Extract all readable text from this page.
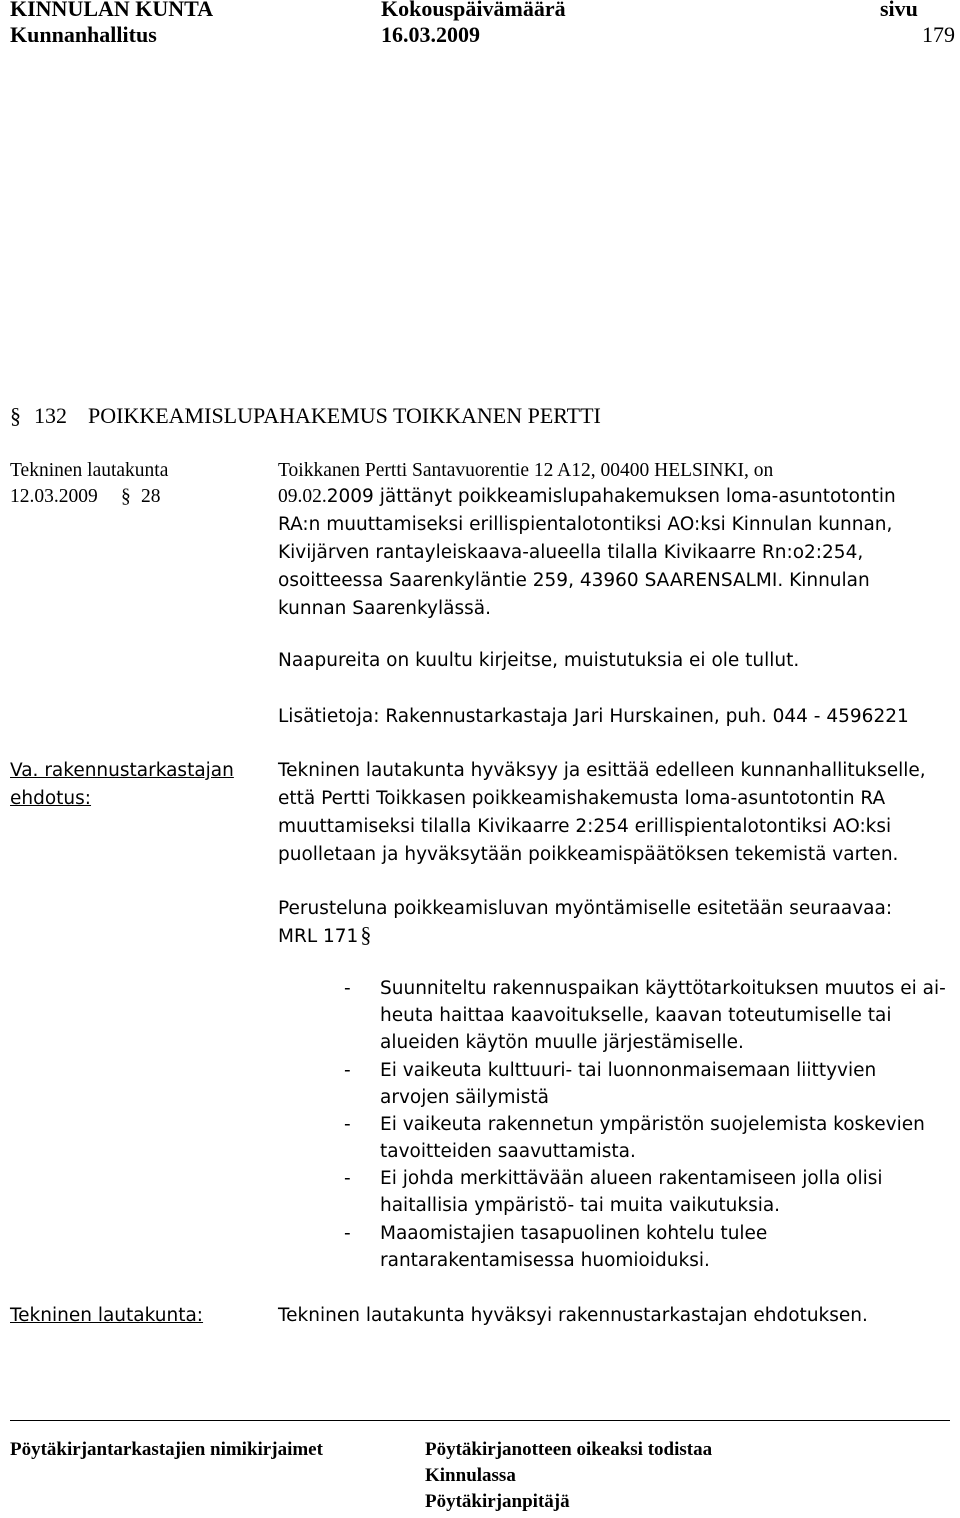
KINNULAN KUNTA
Kunnanhallitus
Kokouspäivämäärä
16.03.2009
sivu
179
§ 132 POIKKEAMISLUPAHAKEMUS TOIKKANEN PERTTI
Tekninen lautakunta
12.03.2009 § 28
Toikkanen Pertti Santavuorentie 12 A12, 00400 HELSINKI, on
09.02.2009 jättänyt poikkeamislupahakemuksen loma-asuntotontin
RA:n muuttamiseksi erillispientalotontiksi AO:ksi Kinnulan kunnan,
Kivijärven rantayleiskaava-alueella tilalla Kivikaarre Rn:o2:254,
osoitteessa Saarenkyläntie 259, 43960 SAARENSALMI. Kinnulan
kunnan Saarenkylässä.
Naapureita on kuultu kirjeitse, muistutuksia ei ole tullut.
Lisätietoja: Rakennustarkastaja Jari Hurskainen, puh. 044 - 4596221
Va. rakennustarkastajan
ehdotus:
Tekninen lautakunta hyväksyy ja esittää edelleen kunnanhallitukselle,
että Pertti Toikkasen poikkeamishakemusta loma-asuntotontin RA
muuttamiseksi tilalla Kivikaarre 2:254 erillispientalotontiksi AO:ksi
puolletaan ja hyväksytään poikkeamispäätöksen tekemistä varten.
Perusteluna poikkeamisluvan myöntämiselle esitetään seuraavaa:
MRL 171§
- Suunniteltu rakennuspaikan käyttötarkoituksen muutos ei ai-
heuta haittaa kaavoitukselle, kaavan toteutumiselle tai
alueiden käytön muulle järjestämiselle.
- Ei vaikeuta kulttuuri- tai luonnonmaisemaan liittyvien
arvojen säilymistä
- Ei vaikeuta rakennetun ympäristön suojelemista koskevien
tavoitteiden saavuttamista.
- Ei johda merkittävään alueen rakentamiseen jolla olisi
haitallisia ympäristö- tai muita vaikutuksia.
- Maaomistajien tasapuolinen kohtelu tulee
rantarakentamisessa huomioiduksi.
Tekninen lautakunta:	Tekninen lautakunta hyväksyi rakennustarkastajan ehdotuksen.
Pöytäkirjantarkastajien nimikirjaimet	Pöytäkirjanotteen oikeaksi todistaa
Kinnulassa
Pöytäkirjanpitäjä
